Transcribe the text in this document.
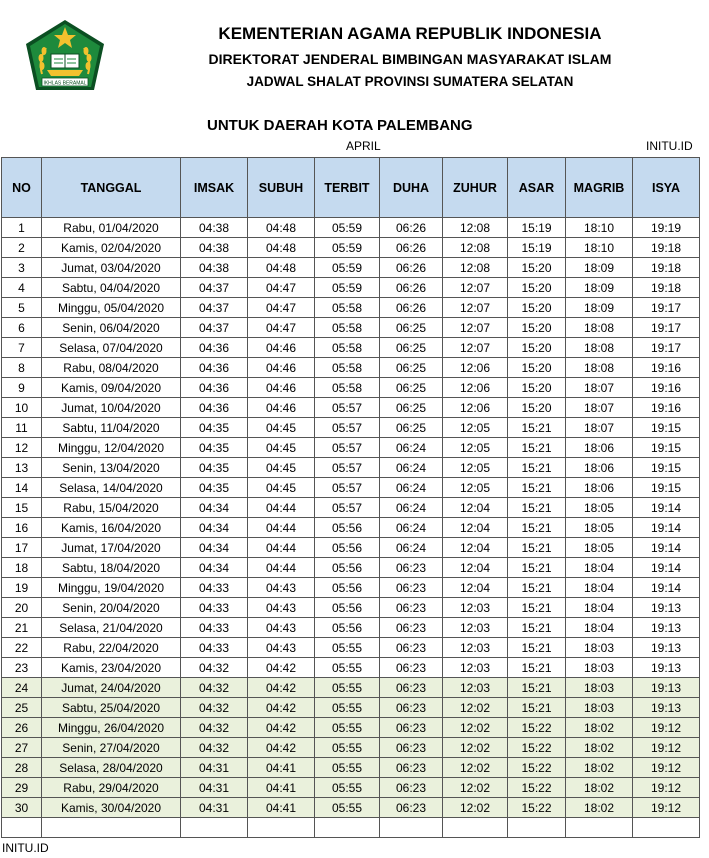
IKHLAS BERAMAL
KEMENTERIAN AGAMA REPUBLIK INDONESIA
DIREKTORAT JENDERAL BIMBINGAN MASYARAKAT ISLAM
JADWAL SHALAT PROVINSI SUMATERA SELATAN
UNTUK DAERAH KOTA PALEMBANG
APRIL	INITU.ID
NO	TANGGAL	IMSAK	SUBUH	TERBIT	DUHA	ZUHUR	ASAR	MAGRIB	ISYA
1	Rabu, 01/04/2020	04:38	04:48	05:59	06:26	12:08	15:19	18:10	19:19
2	Kamis, 02/04/2020	04:38	04:48	05:59	06:26	12:08	15:19	18:10	19:18
3	Jumat, 03/04/2020	04:38	04:48	05:59	06:26	12:08	15:20	18:09	19:18
4	Sabtu, 04/04/2020	04:37	04:47	05:59	06:26	12:07	15:20	18:09	19:18
5	Minggu, 05/04/2020	04:37	04:47	05:58	06:26	12:07	15:20	18:09	19:17
6	Senin, 06/04/2020	04:37	04:47	05:58	06:25	12:07	15:20	18:08	19:17
7	Selasa, 07/04/2020	04:36	04:46	05:58	06:25	12:07	15:20	18:08	19:17
8	Rabu, 08/04/2020	04:36	04:46	05:58	06:25	12:06	15:20	18:08	19:16
9	Kamis, 09/04/2020	04:36	04:46	05:58	06:25	12:06	15:20	18:07	19:16
10	Jumat, 10/04/2020	04:36	04:46	05:57	06:25	12:06	15:20	18:07	19:16
11	Sabtu, 11/04/2020	04:35	04:45	05:57	06:25	12:05	15:21	18:07	19:15
12	Minggu, 12/04/2020	04:35	04:45	05:57	06:24	12:05	15:21	18:06	19:15
13	Senin, 13/04/2020	04:35	04:45	05:57	06:24	12:05	15:21	18:06	19:15
14	Selasa, 14/04/2020	04:35	04:45	05:57	06:24	12:05	15:21	18:06	19:15
15	Rabu, 15/04/2020	04:34	04:44	05:57	06:24	12:04	15:21	18:05	19:14
16	Kamis, 16/04/2020	04:34	04:44	05:56	06:24	12:04	15:21	18:05	19:14
17	Jumat, 17/04/2020	04:34	04:44	05:56	06:24	12:04	15:21	18:05	19:14
18	Sabtu, 18/04/2020	04:34	04:44	05:56	06:23	12:04	15:21	18:04	19:14
19	Minggu, 19/04/2020	04:33	04:43	05:56	06:23	12:04	15:21	18:04	19:14
20	Senin, 20/04/2020	04:33	04:43	05:56	06:23	12:03	15:21	18:04	19:13
21	Selasa, 21/04/2020	04:33	04:43	05:56	06:23	12:03	15:21	18:04	19:13
22	Rabu, 22/04/2020	04:33	04:43	05:55	06:23	12:03	15:21	18:03	19:13
23	Kamis, 23/04/2020	04:32	04:42	05:55	06:23	12:03	15:21	18:03	19:13
24	Jumat, 24/04/2020	04:32	04:42	05:55	06:23	12:03	15:21	18:03	19:13
25	Sabtu, 25/04/2020	04:32	04:42	05:55	06:23	12:02	15:21	18:03	19:13
26	Minggu, 26/04/2020	04:32	04:42	05:55	06:23	12:02	15:22	18:02	19:12
27	Senin, 27/04/2020	04:32	04:42	05:55	06:23	12:02	15:22	18:02	19:12
28	Selasa, 28/04/2020	04:31	04:41	05:55	06:23	12:02	15:22	18:02	19:12
29	Rabu, 29/04/2020	04:31	04:41	05:55	06:23	12:02	15:22	18:02	19:12
30	Kamis, 30/04/2020	04:31	04:41	05:55	06:23	12:02	15:22	18:02	19:12

INITU.ID
